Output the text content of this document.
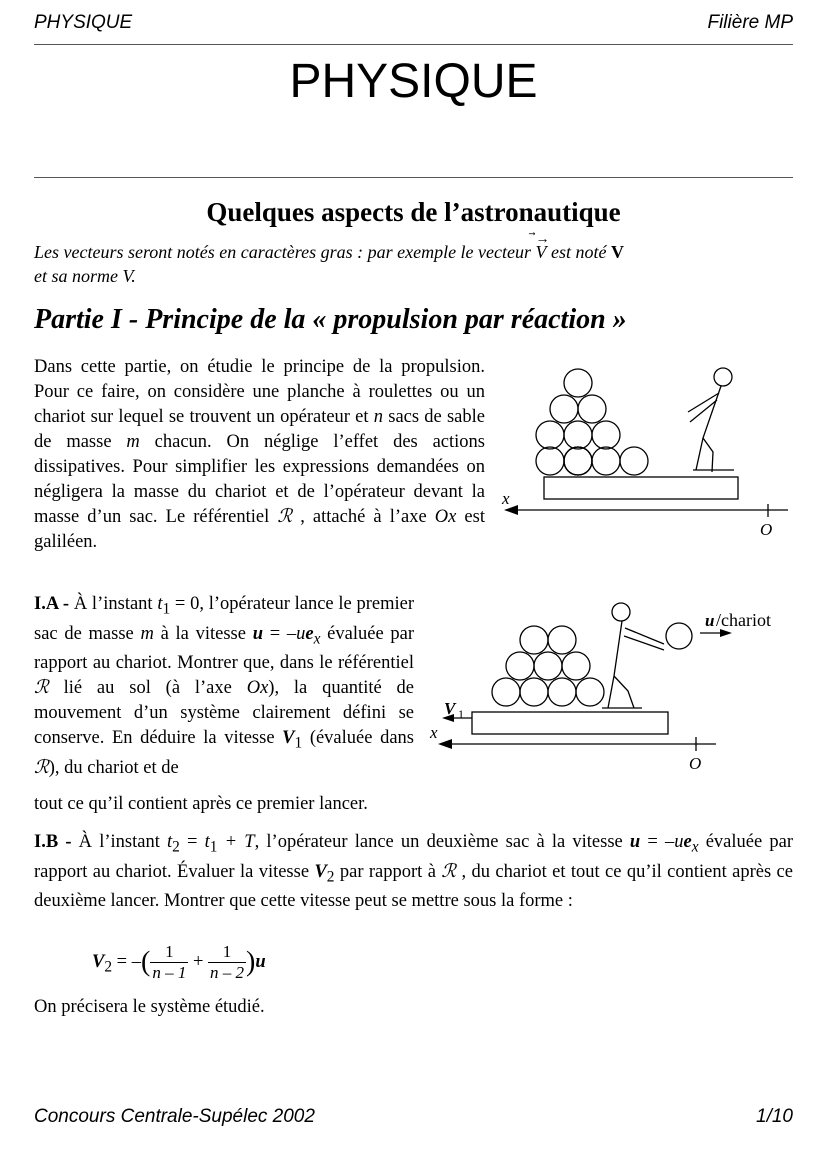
PHYSIQUE	Filière MP
PHYSIQUE
Quelques aspects de l’astronautique
Les vecteurs seront notés en caractères gras : par exemple le vecteur
⃗→
V est noté V
et sa norme V.
Partie I - Principe de la « propulsion par réaction »
Dans cette partie, on étudie le principe de la propulsion. Pour ce faire, on considère une planche à roulettes ou un chariot sur lequel se trouvent un opérateur et n sacs de sable de masse m chacun. On néglige l’effet des actions dissipatives. Pour simplifier les expressions demandées on négligera la masse du chariot et de l’opérateur devant la masse d’un sac. Le référentiel ℛ , attaché à l’axe Ox est galiléen.
x
O
I.A - À l’instant $t_1 = 0$, l’opérateur lance le premier sac de masse m à la vitesse $u = -ue_x$ évaluée par rapport au chariot. Montrer que, dans le référentiel ℛ lié au sol (à l’axe Ox), la quantité de mouvement d’un système clairement défini se conserve. En déduire la vitesse $V_1$ (évaluée dans ℛ), du chariot et de
tout ce qu’il contient après ce premier lancer.
V 1
x
O
u /chariot
I.B - À l’instant $t_2 = t_1 + T$, l’opérateur lance un deuxième sac à la vitesse $u = -ue_x$ évaluée par rapport au chariot. Évaluer la vitesse $V_2$ par rapport à ℛ , du chariot et tout ce qu’il contient après ce deuxième lancer. Montrer que cette vitesse peut se mettre sous la forme :
$V_2$ = –( $\frac{1}{n - 1} + \frac{1}{n - 2} )u$
On précisera le système étudié.
Concours Centrale-Supélec 2002	1/10
